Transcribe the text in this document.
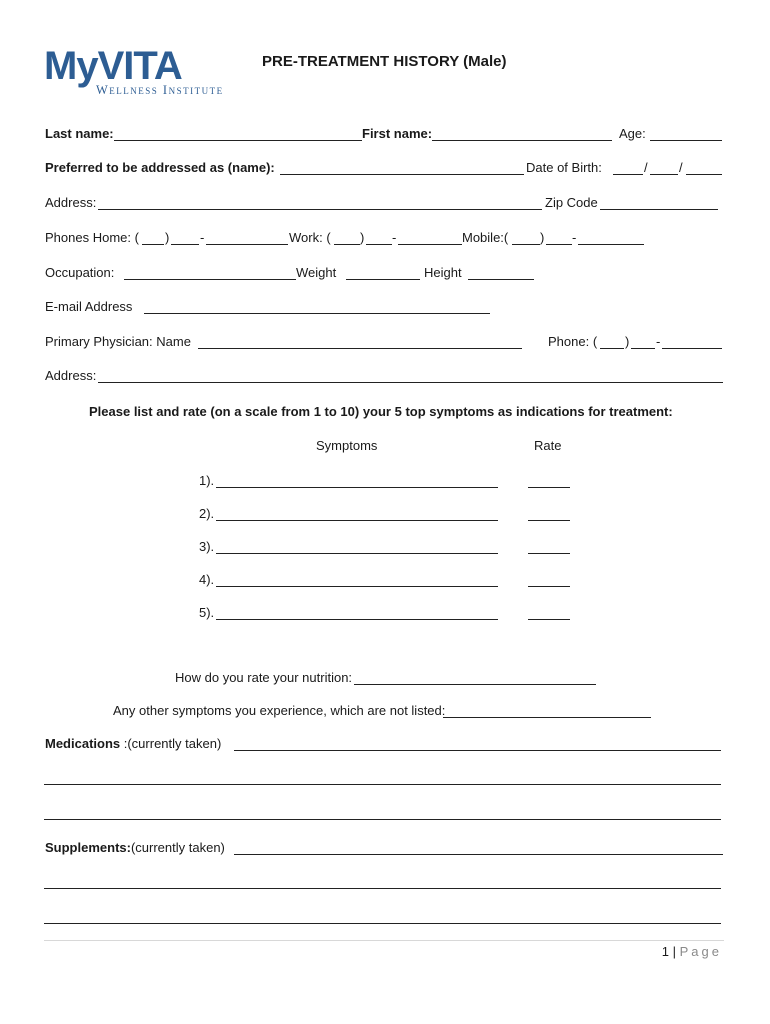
MyVITA
Wellness Institute
PRE-TREATMENT HISTORY (Male)
Last name:	First name:	Age:
Preferred to be addressed as (name):	Date of Birth:	/ /
Address:	Zip Code
Phones Home: ( ) -	Work: ( ) -	Mobile:( ) -
Occupation:	Weight	Height
E-mail Address
Primary Physician: Name	Phone: ( ) -
Address:
Please list and rate (on a scale from 1 to 10) your 5 top symptoms as indications for treatment:
Symptoms	Rate
1).
2).
3).
4).
5).
How do you rate your nutrition:
Any other symptoms you experience, which are not listed:
Medications :(currently taken)
Supplements:(currently taken)
1 | Page
